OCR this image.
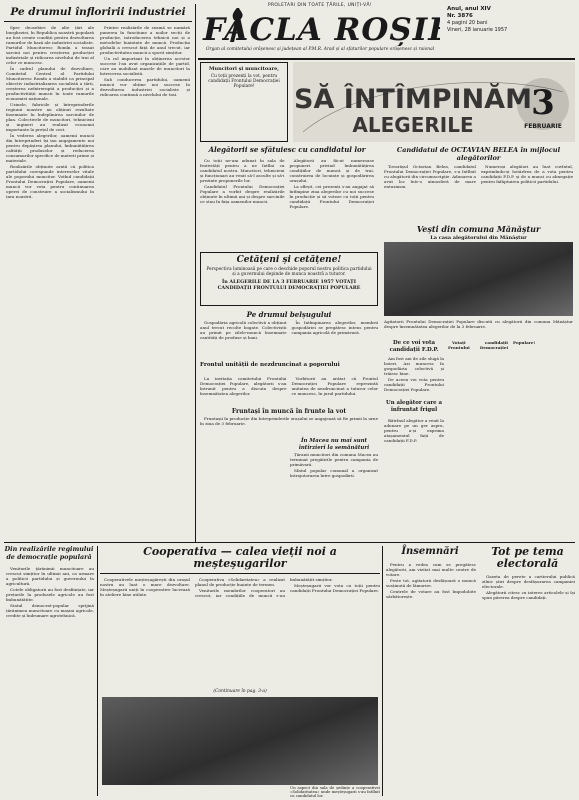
Pe drumul înfloririi industriei

Spre deosebire de alte țări ale burgheziei, în Republica noastră populară au fost create condiții pentru dezvoltarea ramurilor de bază ale industriei socialiste. Partidul Muncitoresc Romîn a trasat sarcini noi pentru creșterea producției industriale și ridicarea nivelului de trai al celor ce muncesc.

În cadrul planului de dezvoltare, Comitetul Central al Partidului Muncitoresc Romîn a stabilit ca principal obiectiv industrializarea socialistă a țării, creșterea neîntreruptă a producției și a productivității muncii în toate ramurile economiei naționale.

Uzinele, fabricile și întreprinderile regiunii noastre au obținut rezultate însemnate în îndeplinirea sarcinilor de plan. Colectivele de muncitori, tehnicieni și ingineri au realizat economii importante la prețul de cost.

În vederea alegerilor, oamenii muncii din întreprinderi își iau angajamente noi pentru depășirea planului, îmbunătățirea calității produselor și reducerea consumurilor specifice de materii prime și materiale.

Realizările obținute arată că politica partidului corespunde intereselor vitale ale poporului muncitor. Votînd candidații Frontului Democrației Populare, oamenii muncii vor vota pentru continuarea operei de construire a socialismului în țara noastră.

Printre realizările de seamă se numără punerea în funcțiune a noilor secții de producție, introducerea tehnicii noi și a metodelor înaintate de muncă. Producția globală a crescut față de anul trecut, iar productivitatea muncii a sporit simțitor.

Un rol important în obținerea acestor succese l-au avut organizațiile de partid, care au mobilizat masele de muncitori la întrecerea socialistă.

Sub conducerea partidului, oamenii muncii vor obține noi succese în dezvoltarea industriei socialiste și ridicarea continuă a nivelului de trai.

PROLETARI DIN TOATE ȚĂRILE, UNIȚI-VĂ!
FACLA ROȘIE
Organ al comitetului orășenesc și județean al P.M.R. Arad și al sfaturilor populare orășenesc și raional
Anul, anul XIV
Nr. 3876
4 pagini 20 bani
Vineri, 28 ianuarie 1957
Muncitori și muncitoare,
Cu toții prezenți la vot, pentru candidații Frontului Democrației Populare!	SĂ ÎNTÎMPINĂM
ALEGERILE
3
FEBRUARIE
Alegătorii se sfătuiesc cu candidatul lor

Cu toții ne-am adunat în sala de festivități pentru a ne întîlni cu candidatul nostru. Muncitori, tehnicieni și funcționari au venit să-l asculte și să-i prezinte propunerile lor.

Candidatul Frontului Democrației Populare a vorbit despre realizările obținute în ultimii ani și despre sarcinile ce stau în fața oamenilor muncii.

Alegătorii au făcut numeroase propuneri privind îmbunătățirea condițiilor de muncă și de trai, construirea de locuințe și gospodărirea orașului.

La sfîrșit, cei prezenți s-au angajat să întîmpine ziua alegerilor cu noi succese în producție și să voteze cu toții pentru candidații Frontului Democrației Populare.

Candidatul de OCTAVIAN BELEA în mijlocul alegătorilor

Tovarășul Octavian Belea, candidatul Frontului Democrației Populare, s-a întîlnit cu alegătorii din circumscripție. Adunarea a avut loc într-o atmosferă de mare entuziasm.

Numeroși alegători au luat cuvîntul, exprimîndu-și hotărîrea de a vota pentru candidații F.D.P. și de a munci cu abnegație pentru înfăptuirea politicii partidului.

Vești din comuna Mănăștur
La casa alegătorului din Mănăștur
Agitatorii Frontului Democrației Populare discută cu alegătorii din comuna Mănăștur despre însemnătatea alegerilor de la 3 februarie.
Cetățeni și cetățene!
Perspectiva luminoasă pe care o deschide poporul nostru politica partidului și a guvernului depinde de munca noastră a tuturor.
În ALEGERILE DE LA 3 FEBRUARIE 1957 VOTAȚI CANDIDAȚII FRONTULUI DEMOCRAȚIEI POPULARE
Pe drumul belșugului

Gospodăria agricolă colectivă a obținut anul trecut recolte bogate. Colectiviștii au primit pe zilele-muncă însemnate cantități de produse și bani.

În întîmpinarea alegerilor, membrii gospodăriei se pregătesc intens pentru campania agricolă de primăvară.

Frontul unității de nezdruncinat a poporului

La invitația comitetului Frontului Democrației Populare, alegătorii s-au întrunit pentru a discuta despre însemnătatea alegerilor.

Vorbitorii au arătat că Frontul Democrației Populare reprezintă unitatea de nezdruncinat a tuturor celor ce muncesc, în jurul partidului.

Fruntași în muncă în frunte la vot

Fruntașii în producție din întreprinderile orașului se angajează să fie primii la urne în ziua de 3 februarie.

În Macea nu mai sunt întîrzieri la semănături

Țăranii muncitori din comuna Macea au terminat pregătirile pentru campania de primăvară.

Sfatul popular comunal a organizat întrajutorarea între gospodării.

De ce voi vota candidații F.D.P.

Am fost ani de zile slugă la boieri. Azi muncesc în gospodăria colectivă și trăiesc bine.

De aceea voi vota pentru candidații Frontului Democrației Populare.

Un alegător care a înfruntat frigul

Bătrînul alegător a venit la adunare pe un ger aspru, pentru a-și exprima atașamentul față de candidații F.D.P.

Votați candidații Frontului Democrației Populare!

Din realizările regimului de democrație populară

Veniturile țărănimii muncitoare au crescut simțitor în ultimii ani, ca urmare a politicii partidului și guvernului în agricultură.

Cotele obligatorii au fost desființate, iar prețurile la produsele agricole au fost îmbunătățite.

Statul democrat-popular sprijină țărănimea muncitoare cu mașini agricole, credite și îndrumare agrotehnică.

Cooperativa — calea vieții noi a meșteșugarilor

Cooperativele meșteșugărești din orașul nostru au luat o mare dezvoltare. Meșteșugarii uniți în cooperative lucrează în ateliere bine utilate.

Cooperativa «Solidaritatea» a realizat planul de producție înainte de termen.

Veniturile membrilor cooperatori au crescut, iar condițiile de muncă s-au îmbunătățit simțitor.

Meșteșugarii vor vota cu toții pentru candidații Frontului Democrației Populare.

(Continuare în pag. 3-a)
Un aspect din sala de ședințe a cooperativei «Solidaritatea» unde meșteșugarii s-au întîlnit cu candidatul lor.
Însemnări

Pentru a vedea cum se pregătesc alegătorii, am vizitat mai multe centre de votare.

Peste tot, agitatorii desfășoară o muncă susținută de lămurire.

Centrele de votare au fost împodobite sărbătorește.

Tot pe tema electorală

Gazeta de perete a cartierului publică zilnic știri despre desfășurarea campaniei electorale.

Alegătorii citesc cu interes articolele și își spun părerea despre candidați.
